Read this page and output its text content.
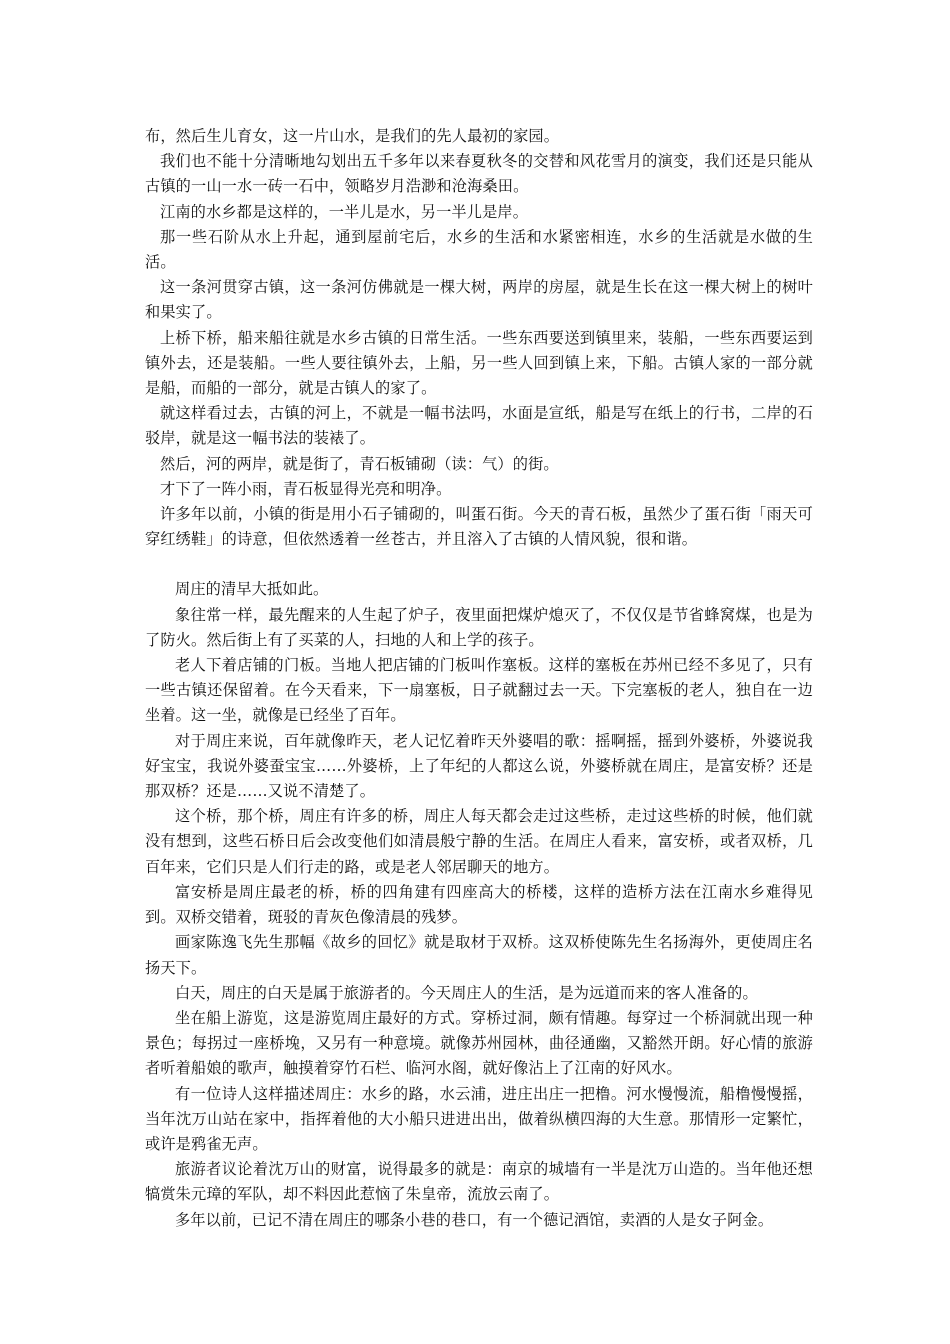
布，然后生儿育女，这一片山水，是我们的先人最初的家园。

我们也不能十分清晰地勾划出五千多年以来春夏秋冬的交替和风花雪月的演变，我们还是只能从古镇的一山一水一砖一石中，领略岁月浩渺和沧海桑田。

江南的水乡都是这样的，一半儿是水，另一半儿是岸。

那一些石阶从水上升起，通到屋前宅后，水乡的生活和水紧密相连，水乡的生活就是水做的生活。

这一条河贯穿古镇，这一条河仿佛就是一棵大树，两岸的房屋，就是生长在这一棵大树上的树叶和果实了。

上桥下桥，船来船往就是水乡古镇的日常生活。一些东西要送到镇里来，装船，一些东西要运到镇外去，还是装船。一些人要往镇外去，上船，另一些人回到镇上来，下船。古镇人家的一部分就是船，而船的一部分，就是古镇人的家了。

就这样看过去，古镇的河上，不就是一幅书法吗，水面是宣纸，船是写在纸上的行书，二岸的石驳岸，就是这一幅书法的装裱了。

然后，河的两岸，就是街了，青石板铺砌（读：气）的街。

才下了一阵小雨，青石板显得光亮和明净。

许多年以前，小镇的街是用小石子铺砌的，叫蛋石街。今天的青石板，虽然少了蛋石街「雨天可穿红绣鞋」的诗意，但依然透着一丝苍古，并且溶入了古镇的人情风貌，很和谐。

周庄的清早大抵如此。

象往常一样，最先醒来的人生起了炉子，夜里面把煤炉熄灭了，不仅仅是节省蜂窝煤，也是为了防火。然后街上有了买菜的人，扫地的人和上学的孩子。

老人下着店铺的门板。当地人把店铺的门板叫作塞板。这样的塞板在苏州已经不多见了，只有一些古镇还保留着。在今天看来，下一扇塞板，日子就翻过去一天。下完塞板的老人，独自在一边坐着。这一坐，就像是已经坐了百年。

对于周庄来说，百年就像昨天，老人记忆着昨天外婆唱的歌：摇啊摇，摇到外婆桥，外婆说我好宝宝，我说外婆蚕宝宝……外婆桥，上了年纪的人都这么说，外婆桥就在周庄，是富安桥？还是那双桥？还是……又说不清楚了。

这个桥，那个桥，周庄有许多的桥，周庄人每天都会走过这些桥，走过这些桥的时候，他们就没有想到，这些石桥日后会改变他们如清晨般宁静的生活。在周庄人看来，富安桥，或者双桥，几百年来，它们只是人们行走的路，或是老人邻居聊天的地方。

富安桥是周庄最老的桥，桥的四角建有四座高大的桥楼，这样的造桥方法在江南水乡难得见到。双桥交错着，斑驳的青灰色像清晨的残梦。

画家陈逸飞先生那幅《故乡的回忆》就是取材于双桥。这双桥使陈先生名扬海外，更使周庄名扬天下。

白天，周庄的白天是属于旅游者的。今天周庄人的生活，是为远道而来的客人准备的。

坐在船上游览，这是游览周庄最好的方式。穿桥过洞，颇有情趣。每穿过一个桥洞就出现一种景色；每拐过一座桥堍，又另有一种意境。就像苏州园林，曲径通幽，又豁然开朗。好心情的旅游者听着船娘的歌声，触摸着穿竹石栏、临河水阁，就好像沾上了江南的好风水。

有一位诗人这样描述周庄：水乡的路，水云浦，进庄出庄一把橹。河水慢慢流，船橹慢慢摇，当年沈万山站在家中，指挥着他的大小船只进进出出，做着纵横四海的大生意。那情形一定繁忙，或许是鸦雀无声。

旅游者议论着沈万山的财富，说得最多的就是：南京的城墙有一半是沈万山造的。当年他还想犒赏朱元璋的军队，却不料因此惹恼了朱皇帝，流放云南了。

多年以前，已记不清在周庄的哪条小巷的巷口，有一个德记酒馆，卖酒的人是女子阿金。
